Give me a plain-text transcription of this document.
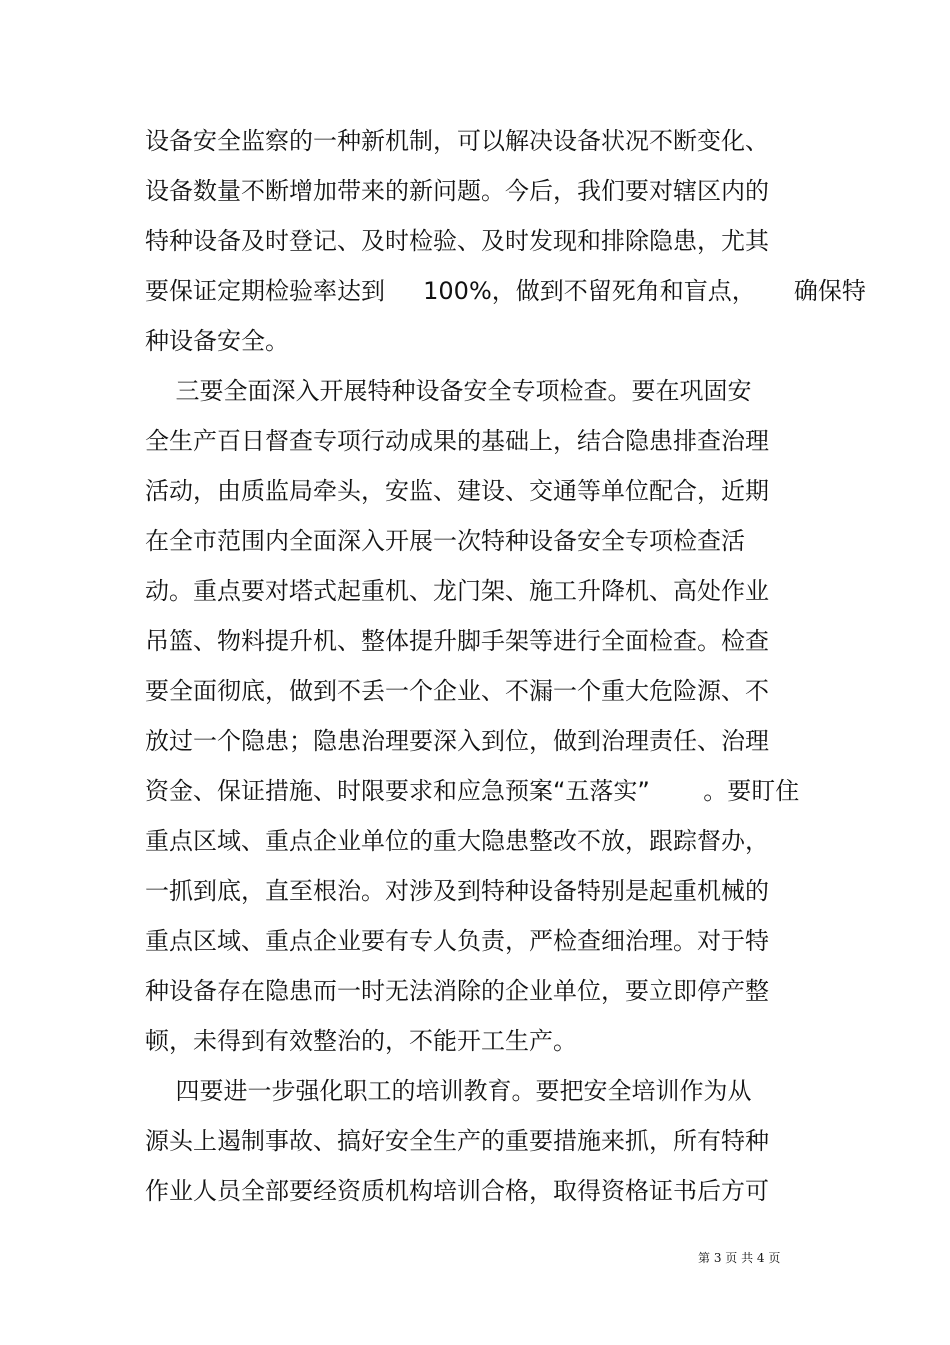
设备安全监察的一种新机制，可以解决设备状况不断变化、
设备数量不断增加带来的新问题。今后，我们要对辖区内的
特种设备及时登记、及时检验、及时发现和排除隐患，尤其
要保证定期检验率达到     100%，做到不留死角和盲点，     确保特
种设备安全。
三要全面深入开展特种设备安全专项检查。要在巩固安
全生产百日督查专项行动成果的基础上，结合隐患排查治理
活动，由质监局牵头，安监、建设、交通等单位配合，近期
在全市范围内全面深入开展一次特种设备安全专项检查活
动。重点要对塔式起重机、龙门架、施工升降机、高处作业
吊篮、物料提升机、整体提升脚手架等进行全面检查。检查
要全面彻底，做到不丢一个企业、不漏一个重大危险源、不
放过一个隐患；隐患治理要深入到位，做到治理责任、治理
资金、保证措施、时限要求和应急预案“五落实”       。要盯住
重点区域、重点企业单位的重大隐患整改不放，跟踪督办，
一抓到底，直至根治。对涉及到特种设备特别是起重机械的
重点区域、重点企业要有专人负责，严检查细治理。对于特
种设备存在隐患而一时无法消除的企业单位，要立即停产整
顿，未得到有效整治的，不能开工生产。
四要进一步强化职工的培训教育。要把安全培训作为从
源头上遏制事故、搞好安全生产的重要措施来抓，所有特种
作业人员全部要经资质机构培训合格，取得资格证书后方可
第 3 页 共 4 页
